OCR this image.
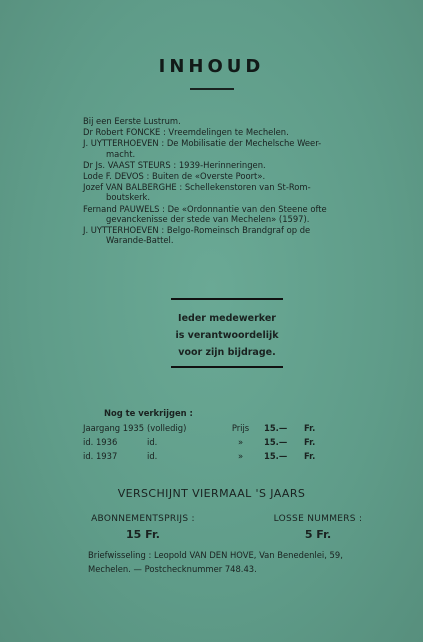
INHOUD
Bij een Eerste Lustrum.
Dr Robert FONCKE : Vreemdelingen te Mechelen.
J. UYTTERHOEVEN : De Mobilisatie der Mechelsche Weer-
macht.
Dr Js. VAAST STEURS : 1939-Herinneringen.
Lode F. DEVOS : Buiten de «Overste Poort».
Jozef VAN BALBERGHE : Schellekenstoren van St-Rom-
boutskerk.
Fernand PAUWELS : De «Ordonnantie van den Steene ofte
gevanckenisse der stede van Mechelen» (1597).
J. UYTTERHOEVEN : Belgo-Romeinsch Brandgraf op de
Warande-Battel.
Ieder medewerker
is verantwoordelijk
voor zijn bijdrage.
Nog te verkrijgen :
Jaargang 1935 (volledig)	Prijs	15.—	Fr.
id. 1936	id.	»	15.—	Fr.
id. 1937	id.	»	15.—	Fr.
VERSCHIJNT VIERMAAL 'S JAARS
ABONNEMENTSPRIJS :
15 Fr.
LOSSE NUMMERS :
5 Fr.
Briefwisseling : Leopold VAN DEN HOVE, Van Benedenlei, 59,
Mechelen. — Postchecknummer 748.43.
